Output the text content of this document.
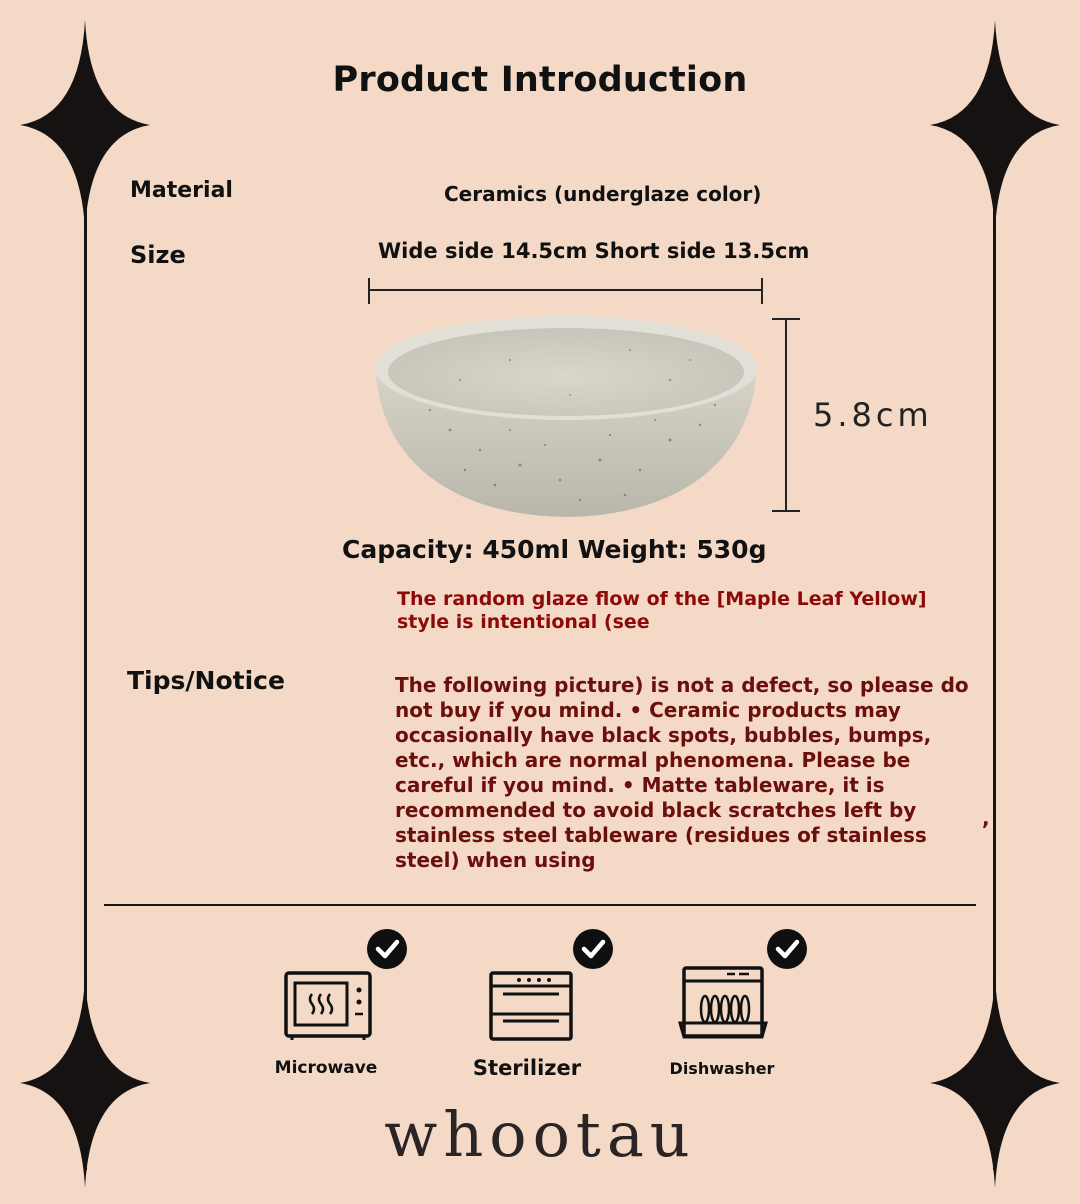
Product Introduction
Material	Ceramics (underglaze color)
Size	Wide side 14.5cm Short side 13.5cm
5.8cm
Capacity: 450ml Weight: 530g
The random glaze flow of the [Maple Leaf Yellow] style is intentional (see
Tips/Notice	The following picture) is not a defect, so please do not buy if you mind. • Ceramic products may occasionally have black spots, bubbles, bumps, etc., which are normal phenomena. Please be careful if you mind. • Matte tableware, it is recommended to avoid black scratches left by stainless steel tableware (residues of stainless steel) when using
,
Microwave	Sterilizer	Dishwasher
whootau
